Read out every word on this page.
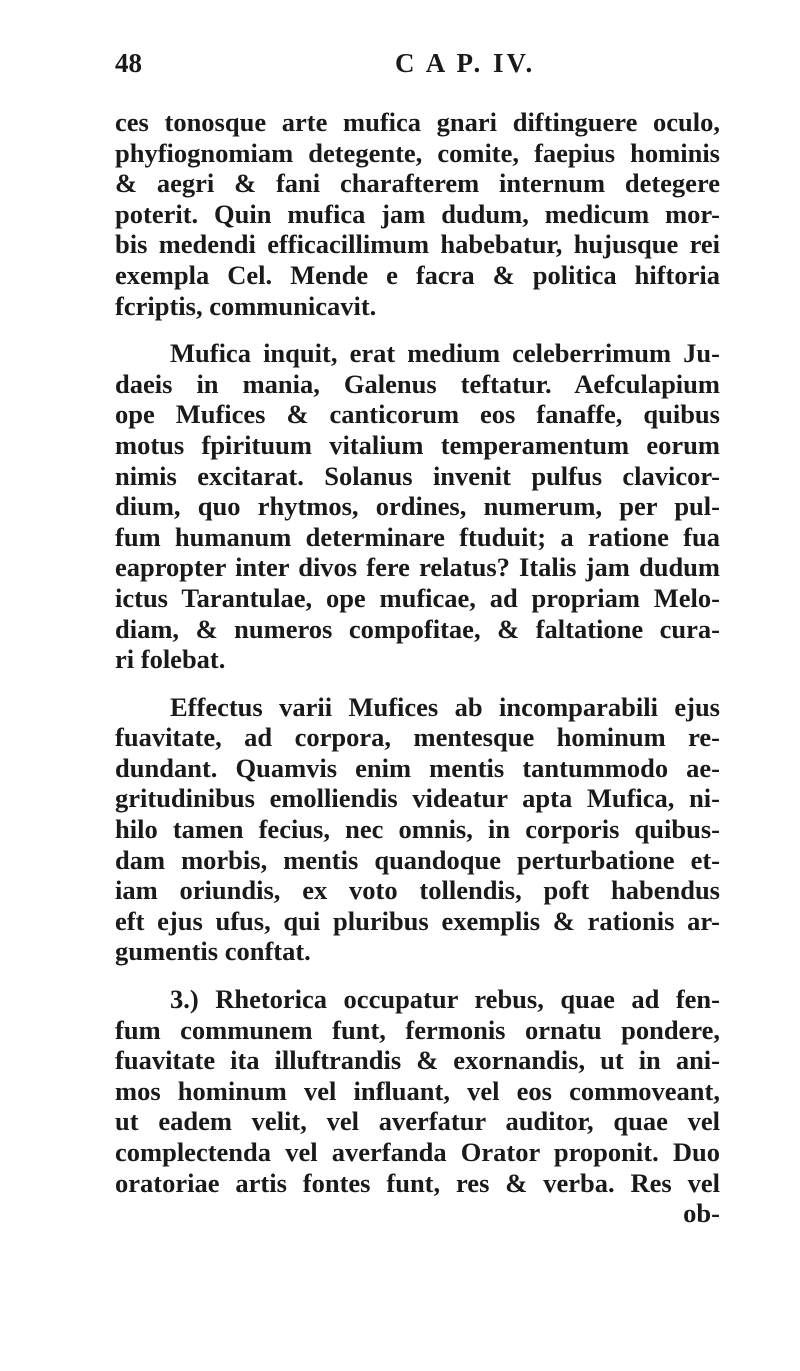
48	C A P. IV.
ces tonosque arte mufica gnari diftinguere oculo,
phyfiognomiam detegente, comite, faepius hominis
& aegri & fani charafterem internum detegere
poterit. Quin mufica jam dudum, medicum mor-
bis medendi efficacillimum habebatur, hujusque rei
exempla Cel. Mende e facra & politica hiftoria
fcriptis, communicavit.
Mufica inquit, erat medium celeberrimum Ju-
daeis in mania, Galenus teftatur. Aefculapium
ope Mufices & canticorum eos fanaffe, quibus
motus fpirituum vitalium temperamentum eorum
nimis excitarat. Solanus invenit pulfus clavicor-
dium, quo rhytmos, ordines, numerum, per pul-
fum humanum determinare ftuduit; a ratione fua
eapropter inter divos fere relatus? Italis jam dudum
ictus Tarantulae, ope muficae, ad propriam Melo-
diam, & numeros compofitae, & faltatione cura-
ri folebat.
Effectus varii Mufices ab incomparabili ejus
fuavitate, ad corpora, mentesque hominum re-
dundant. Quamvis enim mentis tantummodo ae-
gritudinibus emolliendis videatur apta Mufica, ni-
hilo tamen fecius, nec omnis, in corporis quibus-
dam morbis, mentis quandoque perturbatione et-
iam oriundis, ex voto tollendis, poft habendus
eft ejus ufus, qui pluribus exemplis & rationis ar-
gumentis conftat.
3.) Rhetorica occupatur rebus, quae ad fen-
fum communem funt, fermonis ornatu pondere,
fuavitate ita illuftrandis & exornandis, ut in ani-
mos hominum vel influant, vel eos commoveant,
ut eadem velit, vel averfatur auditor, quae vel
complectenda vel averfanda Orator proponit. Duo
oratoriae artis fontes funt, res & verba. Res vel
ob-
